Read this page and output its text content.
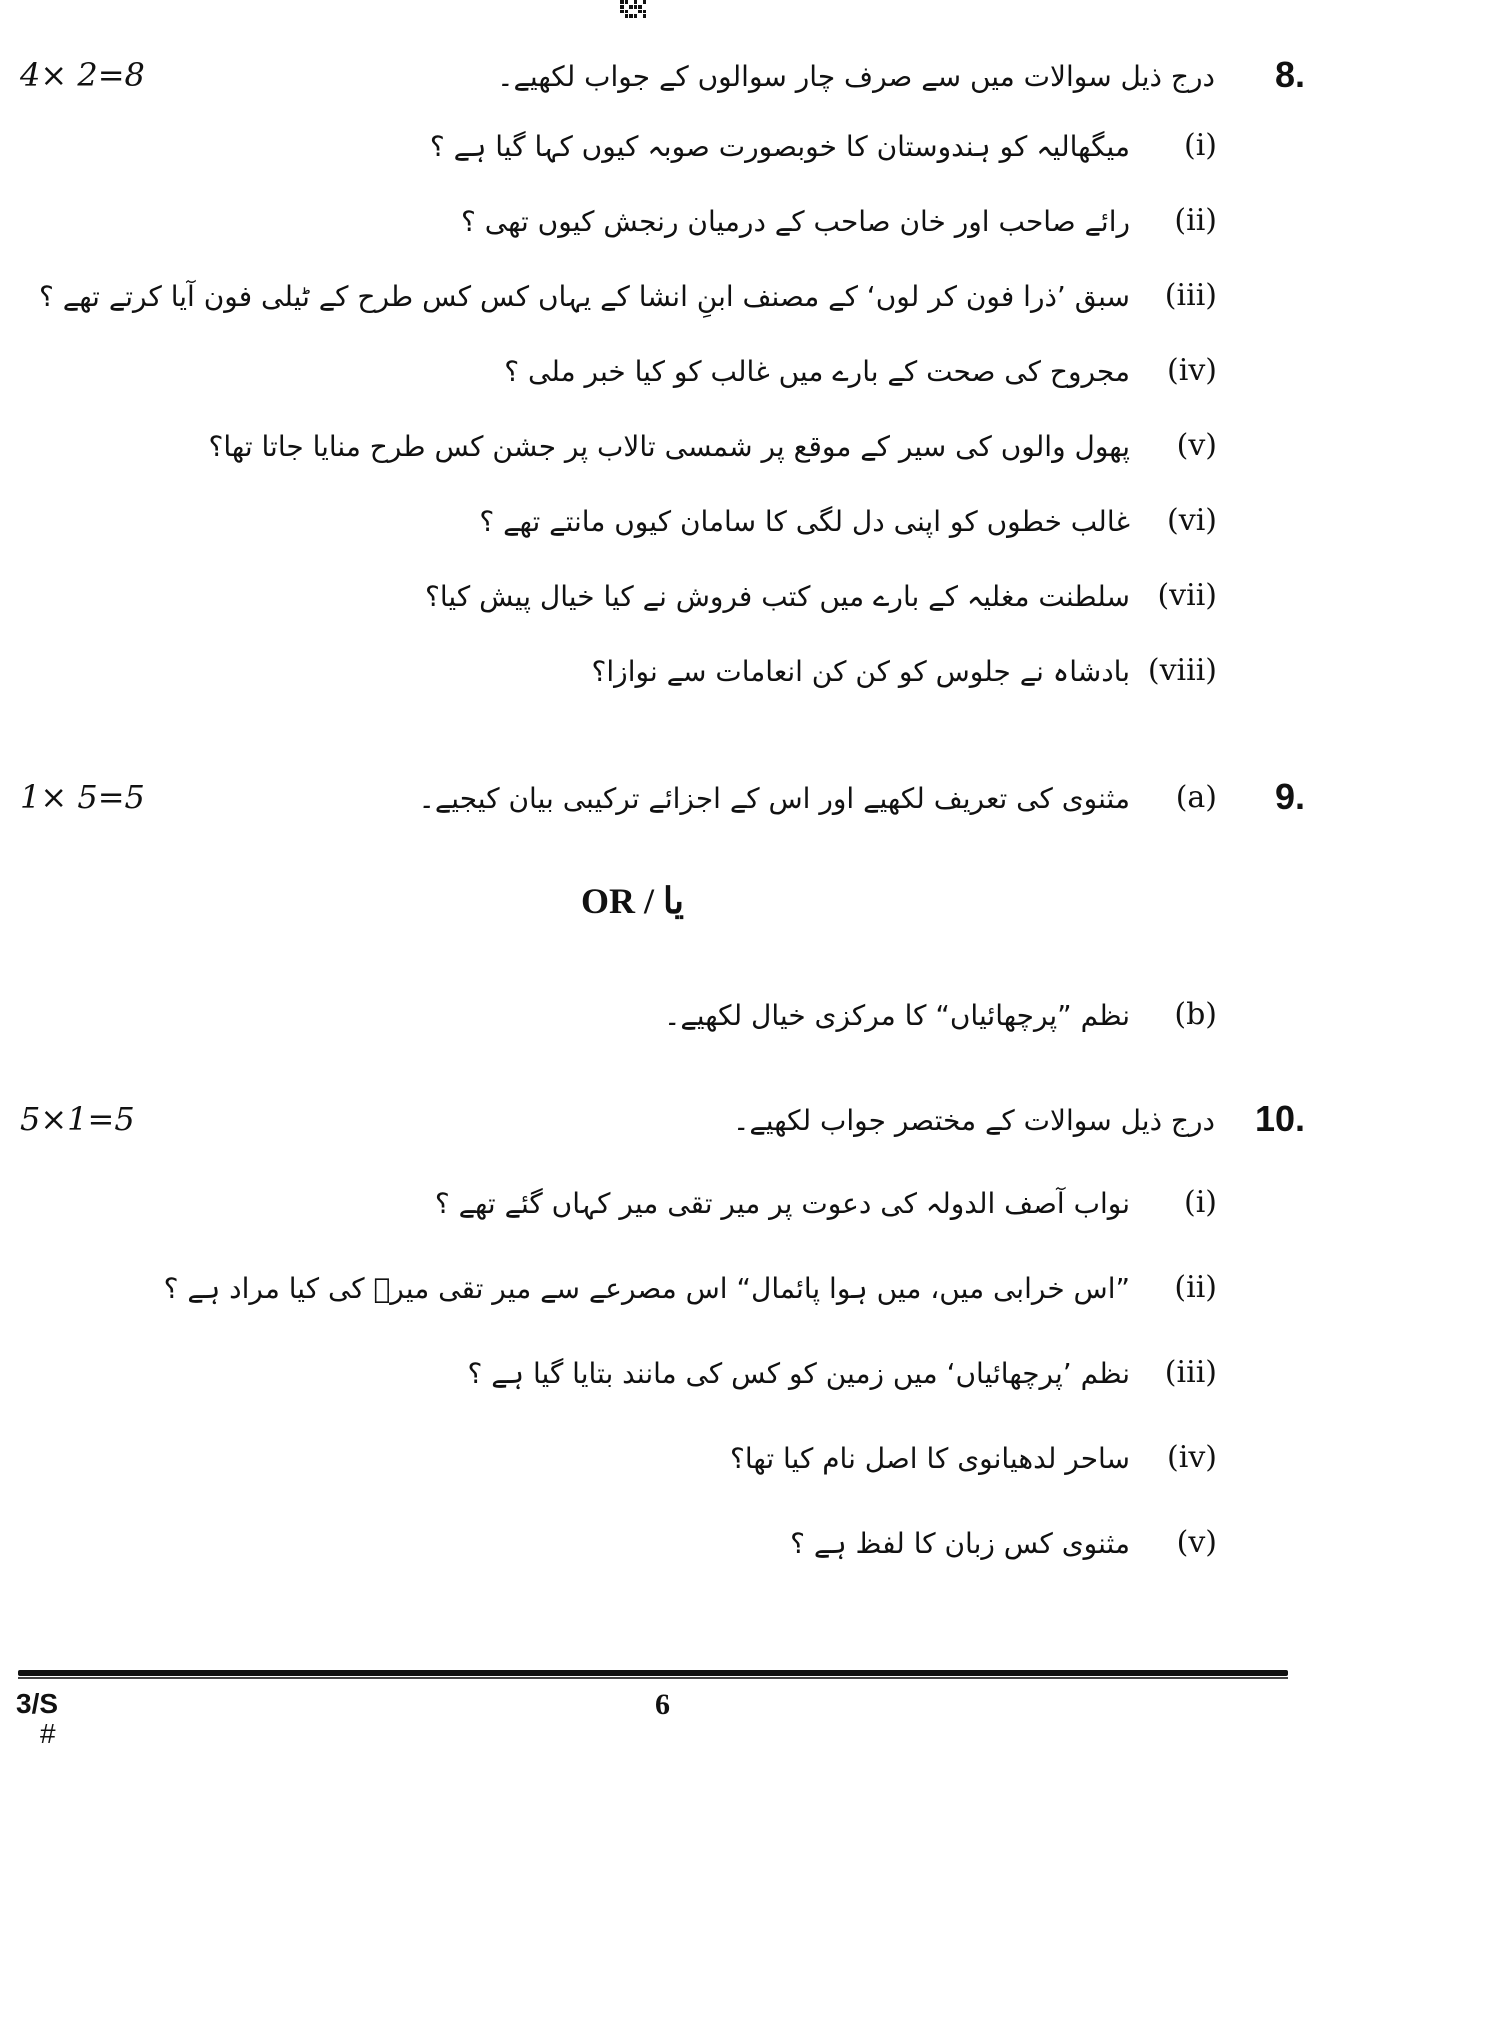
4× 2=8	8.
درج ذیل سوالات میں سے صرف چار سوالوں کے جواب لکھیے۔
(i)
میگھالیہ کو ہندوستان کا خوبصورت صوبہ کیوں کہا گیا ہے ؟
(ii)
رائے صاحب اور خان صاحب کے درمیان رنجش کیوں تھی ؟
(iii)
سبق ’ذرا فون کر لوں‘ کے مصنف ابنِ انشا کے یہاں کس کس طرح کے ٹیلی فون آیا کرتے تھے ؟
(iv)
مجروح کی صحت کے بارے میں غالب کو کیا خبر ملی ؟
(v)
پھول والوں کی سیر کے موقع پر شمسی تالاب پر جشن کس طرح منایا جاتا تھا؟
(vi)
غالب خطوں کو اپنی دل لگی کا سامان کیوں مانتے تھے ؟
(vii)
سلطنت مغلیہ کے بارے میں کتب فروش نے کیا خیال پیش کیا؟
(viii)
بادشاہ نے جلوس کو کن کن انعامات سے نوازا؟
1× 5=5	9.
(a)
مثنوی کی تعریف لکھیے اور اس کے اجزائے ترکیبی بیان کیجیے۔
OR / یا
(b)
نظم ”پرچھائیاں“ کا مرکزی خیال لکھیے۔
5×1=5	10.
درج ذیل سوالات کے مختصر جواب لکھیے۔
(i)
نواب آصف الدولہ کی دعوت پر میر تقی میر کہاں گئے تھے ؟
(ii)
”اس خرابی میں، میں ہوا پائمال“ اس مصرعے سے میر تقی میرؔ کی کیا مراد ہے ؟
(iii)
نظم ’پرچھائیاں‘ میں زمین کو کس کی مانند بتایا گیا ہے ؟
(iv)
ساحر لدھیانوی کا اصل نام کیا تھا؟
(v)
مثنوی کس زبان کا لفظ ہے ؟
3/S
#
6
